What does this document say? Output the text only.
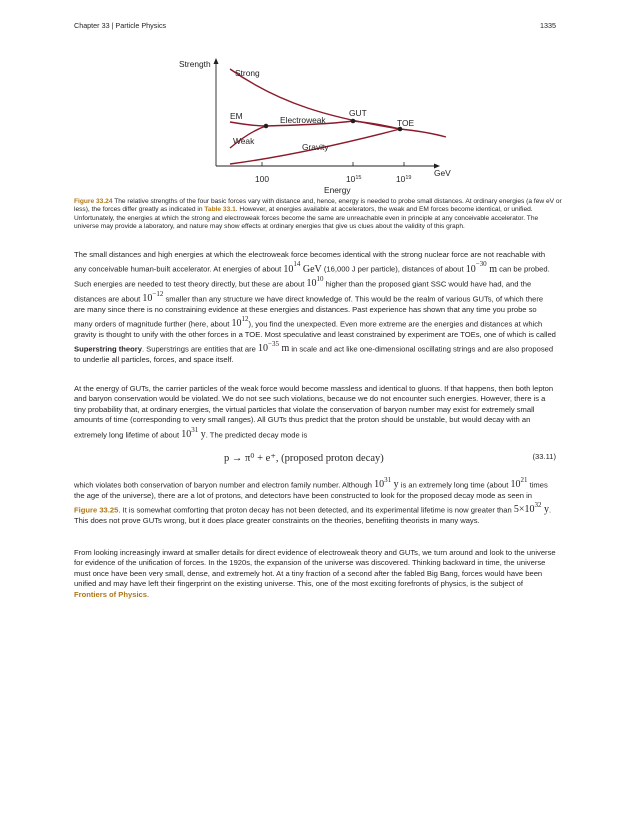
Chapter 33 | Particle Physics	1335
Strength
Strong
EM	Electroweak
GUT
TOE
Weak
Gravity
100	$10^{15}$	$10^{19}$	GeV
Energy
Figure 33.24 The relative strengths of the four basic forces vary with distance and, hence, energy is needed to probe small distances. At ordinary energies (a few eV or less), the forces differ greatly as indicated in Table 33.1. However, at energies available at accelerators, the weak and EM forces become identical, or unified. Unfortunately, the energies at which the strong and electroweak forces become the same are unreachable even in principle at any conceivable accelerator. The universe may provide a laboratory, and nature may show effects at ordinary energies that give us clues about the validity of this graph.
The small distances and high energies at which the electroweak force becomes identical with the strong nuclear force are not reachable with any conceivable human-built accelerator. At energies of about $10^{14}$ GeV (16,000 J per particle), distances of about $10^{-30}$ m can be probed. Such energies are needed to test theory directly, but these are about $10^{10}$ higher than the proposed giant SSC would have had, and the distances are about $10^{-12}$ smaller than any structure we have direct knowledge of. This would be the realm of various GUTs, of which there are many since there is no constraining evidence at these energies and distances. Past experience has shown that any time you probe so many orders of magnitude further (here, about $10^{12}$), you find the unexpected. Even more extreme are the energies and distances at which gravity is thought to unify with the other forces in a TOE. Most speculative and least constrained by experiment are TOEs, one of which is called Superstring theory. Superstrings are entities that are $10^{-35}$ m in scale and act like one-dimensional oscillating strings and are also proposed to underlie all particles, forces, and space itself.
At the energy of GUTs, the carrier particles of the weak force would become massless and identical to gluons. If that happens, then both lepton and baryon conservation would be violated. We do not see such violations, because we do not encounter such energies. However, there is a tiny probability that, at ordinary energies, the virtual particles that violate the conservation of baryon number may exist for extremely small amounts of time (corresponding to very small ranges). All GUTs thus predict that the proton should be unstable, but would decay with an extremely long lifetime of about $10^{31}$ y. The predicted decay mode is
p → π⁰ + e⁺, (proposed proton decay)	(33.11)
which violates both conservation of baryon number and electron family number. Although $10^{31}$ y is an extremely long time (about $10^{21}$ times the age of the universe), there are a lot of protons, and detectors have been constructed to look for the proposed decay mode as seen in Figure 33.25. It is somewhat comforting that proton decay has not been detected, and its experimental lifetime is now greater than $5\times 10^{32}$ y. This does not prove GUTs wrong, but it does place greater constraints on the theories, benefiting theorists in many ways.
From looking increasingly inward at smaller details for direct evidence of electroweak theory and GUTs, we turn around and look to the universe for evidence of the unification of forces. In the 1920s, the expansion of the universe was discovered. Thinking backward in time, the universe must once have been very small, dense, and extremely hot. At a tiny fraction of a second after the fabled Big Bang, forces would have been unified and may have left their fingerprint on the existing universe. This, one of the most exciting forefronts of physics, is the subject of Frontiers of Physics.
